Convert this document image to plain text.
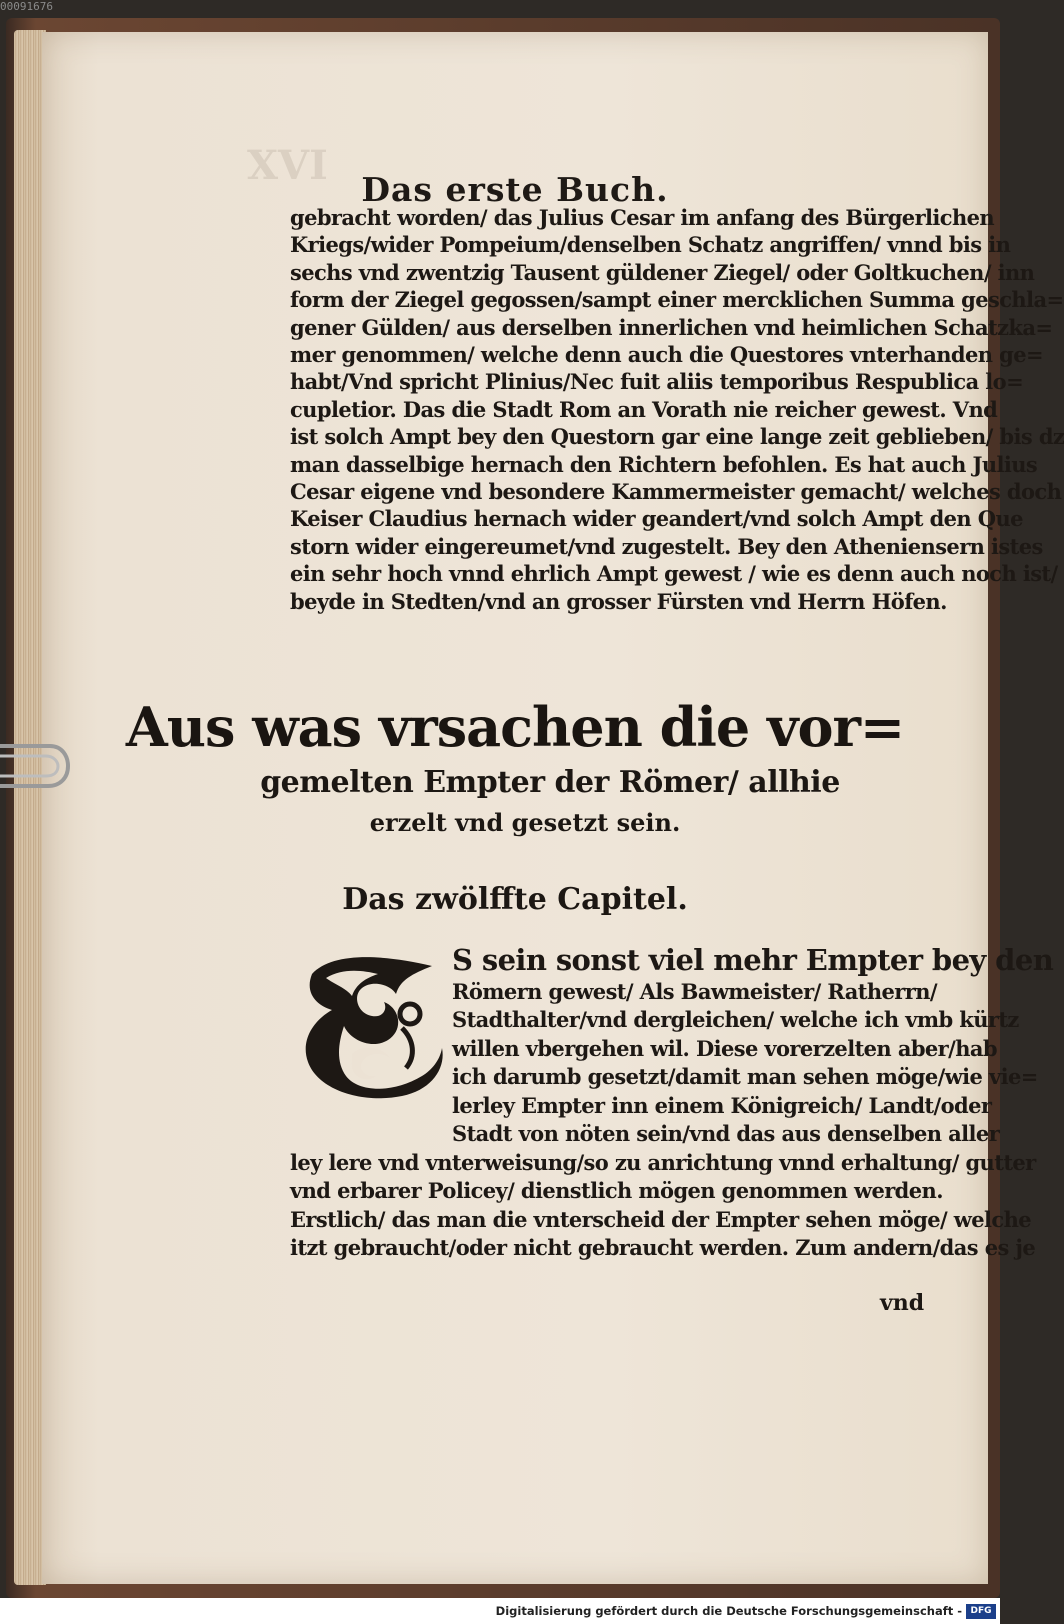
00091676
XVI
Das erste Buch.
gebracht worden/ das Julius Cesar im anfang des Bürgerlichen
Kriegs/wider Pompeium/denselben Schatz angriffen/ vnnd bis in
sechs vnd zwentzig Tausent güldener Ziegel/ oder Goltkuchen/ inn
form der Ziegel gegossen/sampt einer mercklichen Summa geschla=
gener Gülden/ aus derselben innerlichen vnd heimlichen Schatzka=
mer genommen/ welche denn auch die Questores vnterhanden ge=
habt/Vnd spricht Plinius/Nec fuit aliis temporibus Respublica lo=
cupletior. Das die Stadt Rom an Vorath nie reicher gewest. Vnd
ist solch Ampt bey den Questorn gar eine lange zeit geblieben/ bis dz
man dasselbige hernach den Richtern befohlen. Es hat auch Julius
Cesar eigene vnd besondere Kammermeister gemacht/ welches doch
Keiser Claudius hernach wider geandert/vnd solch Ampt den Que
storn wider eingereumet/vnd zugestelt. Bey den Atheniensern istes
ein sehr hoch vnnd ehrlich Ampt gewest / wie es denn auch noch ist/
beyde in Stedten/vnd an grosser Fürsten vnd Herrn Höfen.
Aus was vrsachen die vor=
gemelten Empter der Römer/ allhie
erzelt vnd gesetzt sein.
Das zwölffte Capitel.
S sein sonst viel mehr Empter bey den
Römern gewest/ Als Bawmeister/ Ratherrn/
Stadthalter/vnd dergleichen/ welche ich vmb kürtz
willen vbergehen wil. Diese vorerzelten aber/hab
ich darumb gesetzt/damit man sehen möge/wie vie=
lerley Empter inn einem Königreich/ Landt/oder
Stadt von nöten sein/vnd das aus denselben aller
ley lere vnd vnterweisung/so zu anrichtung vnnd erhaltung/ gutter
vnd erbarer Policey/ dienstlich mögen genommen werden.
Erstlich/ das man die vnterscheid der Empter sehen möge/ welche
itzt gebraucht/oder nicht gebraucht werden. Zum andern/das es je
vnd
Digitalisierung gefördert durch die Deutsche Forschungsgemeinschaft - DFG
